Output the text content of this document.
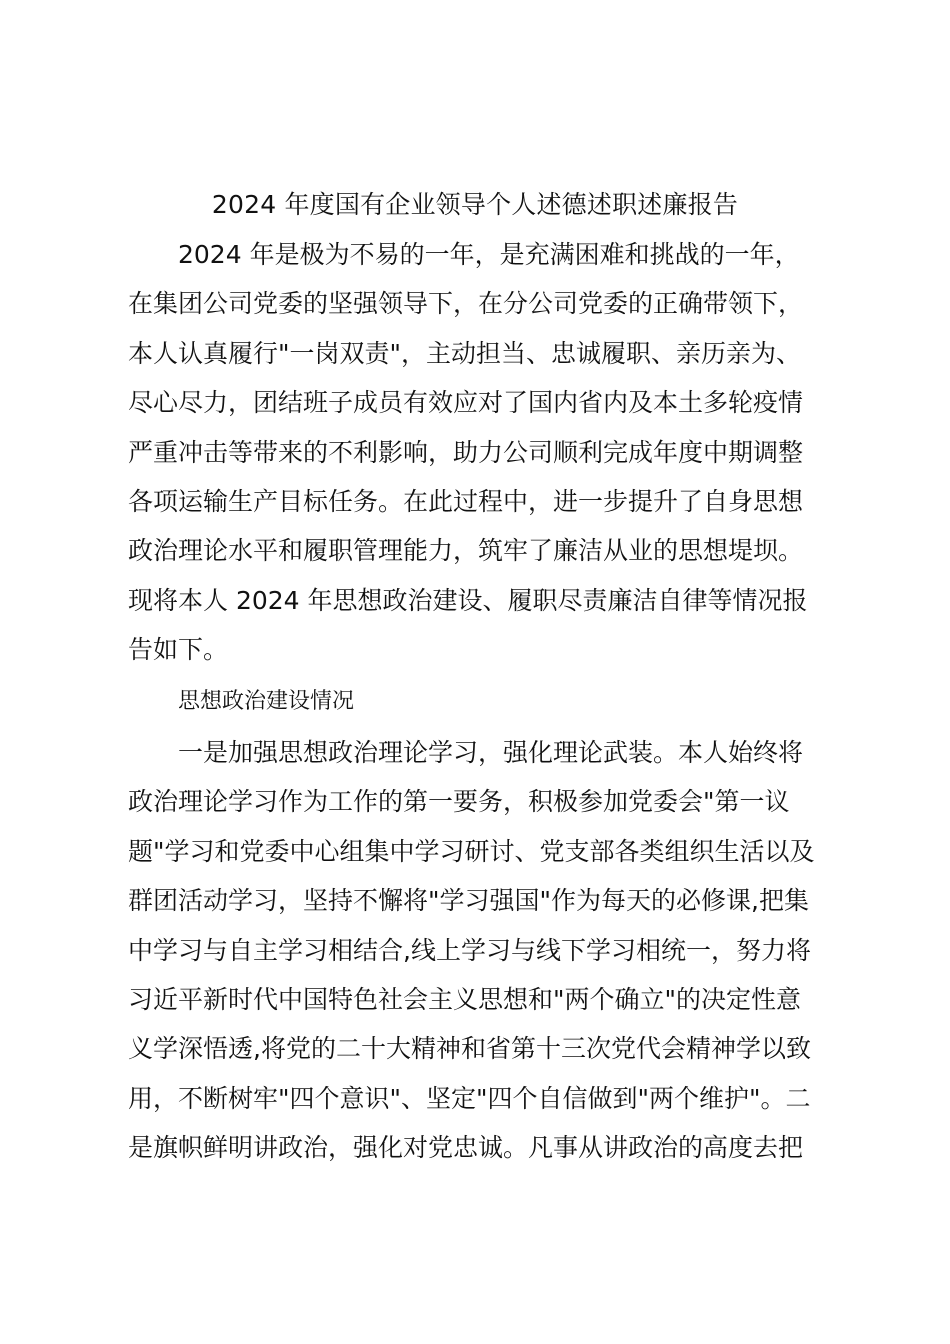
2024 年度国有企业领导个人述德述职述廉报告

2024 年是极为不易的一年，是充满困难和挑战的一年，
在集团公司党委的坚强领导下，在分公司党委的正确带领下，
本人认真履行"一岗双责"，主动担当、忠诚履职、亲历亲为、
尽心尽力，团结班子成员有效应对了国内省内及本土多轮疫情
严重冲击等带来的不利影响，助力公司顺利完成年度中期调整
各项运输生产目标任务。在此过程中，进一步提升了自身思想
政治理论水平和履职管理能力，筑牢了廉洁从业的思想堤坝。
现将本人 2024 年思想政治建设、履职尽责廉洁自律等情况报
告如下。

思想政治建设情况

一是加强思想政治理论学习，强化理论武装。本人始终将
政治理论学习作为工作的第一要务，积极参加党委会"第一议
题"学习和党委中心组集中学习研讨、党支部各类组织生活以及
群团活动学习，坚持不懈将"学习强国"作为每天的必修课,把集
中学习与自主学习相结合,线上学习与线下学习相统一，努力将
习近平新时代中国特色社会主义思想和"两个确立"的决定性意
义学深悟透,将党的二十大精神和省第十三次党代会精神学以致
用，不断树牢"四个意识"、坚定"四个自信做到"两个维护"。二
是旗帜鲜明讲政治，强化对党忠诚。凡事从讲政治的高度去把
